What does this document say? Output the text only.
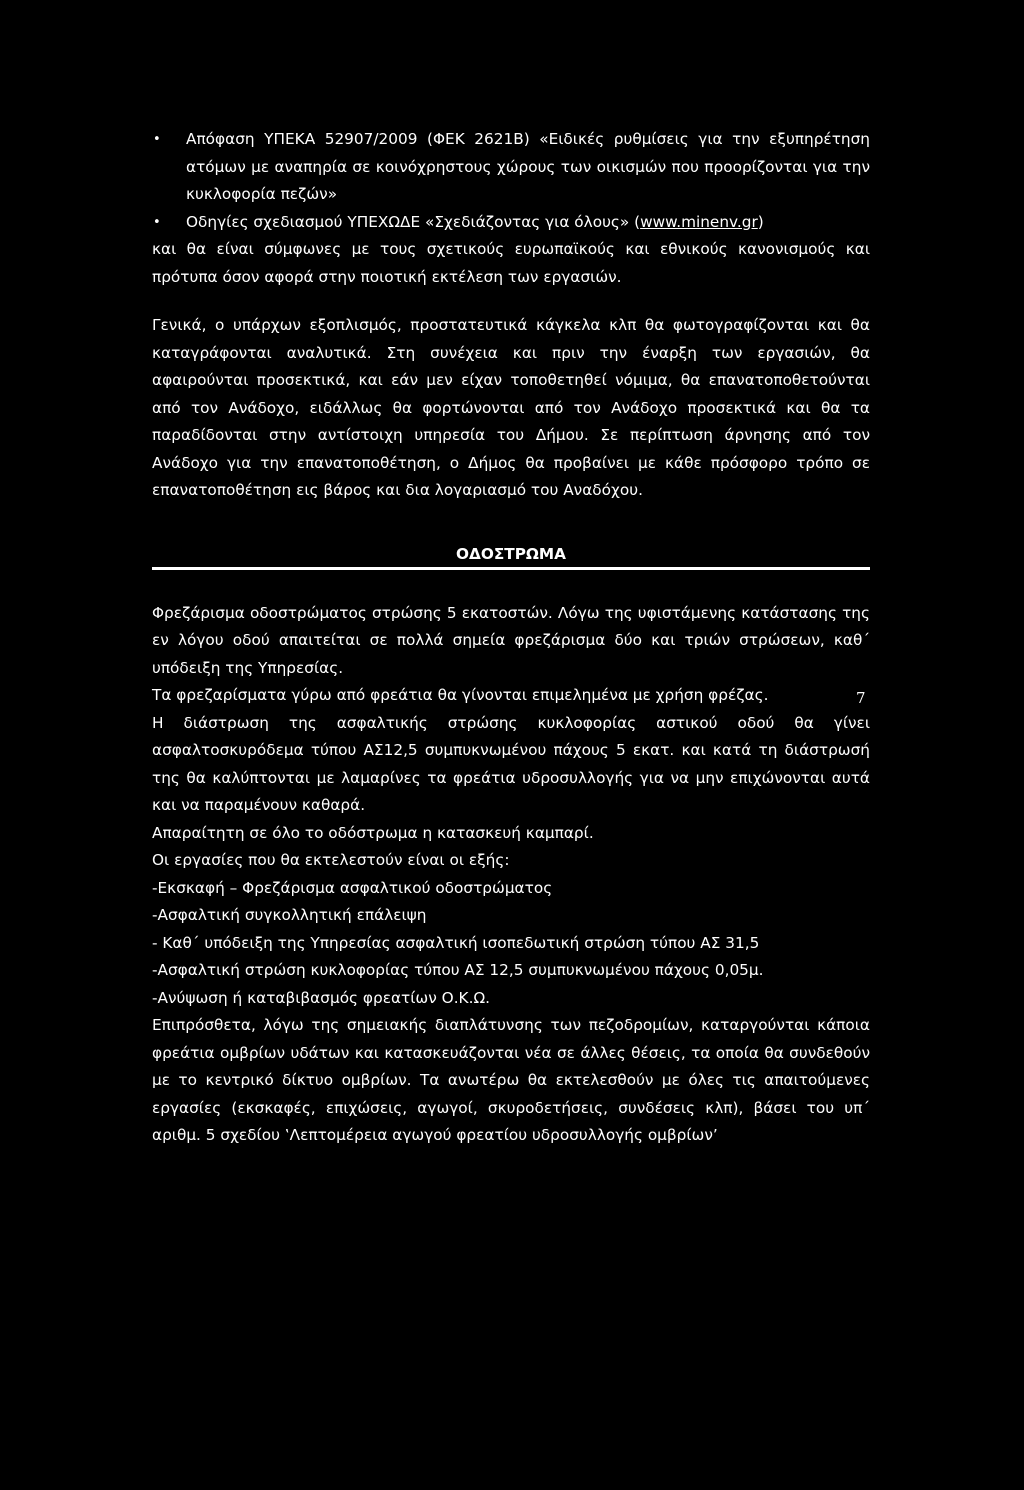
• Απόφαση ΥΠΕΚΑ 52907/2009 (ΦΕΚ 2621Β) «Ειδικές ρυθμίσεις για την εξυπηρέτηση ατόμων με αναπηρία σε κοινόχρηστους χώρους των οικισμών που προορίζονται για την κυκλοφορία πεζών»
• Οδηγίες σχεδιασμού ΥΠΕΧΩΔΕ «Σχεδιάζοντας για όλους» (www.minenv.gr)

και θα είναι σύμφωνες με τους σχετικούς ευρωπαϊκούς και εθνικούς κανονισμούς και πρότυπα όσον αφορά στην ποιοτική εκτέλεση των εργασιών.

Γενικά, ο υπάρχων εξοπλισμός, προστατευτικά κάγκελα κλπ θα φωτογραφίζονται και θα καταγράφονται αναλυτικά. Στη συνέχεια και πριν την έναρξη των εργασιών, θα αφαιρούνται προσεκτικά, και εάν μεν είχαν τοποθετηθεί νόμιμα, θα επανατοποθετούνται από τον Ανάδοχο, ειδάλλως θα φορτώνονται από τον Ανάδοχο προσεκτικά και θα τα παραδίδονται στην αντίστοιχη υπηρεσία του Δήμου. Σε περίπτωση άρνησης από τον Ανάδοχο για την επανατοποθέτηση, ο Δήμος θα προβαίνει με κάθε πρόσφορο τρόπο σε επανατοποθέτηση εις βάρος και δια λογαριασμό του Αναδόχου.

ΟΔΟΣΤΡΩΜΑ

Φρεζάρισμα οδοστρώματος στρώσης 5 εκατοστών. Λόγω της υφιστάμενης κατάστασης της εν λόγου οδού απαιτείται σε πολλά σημεία φρεζάρισμα δύο και τριών στρώσεων, καθ΄ υπόδειξη της Υπηρεσίας.

Τα φρεζαρίσματα γύρω από φρεάτια θα γίνονται επιμελημένα με χρήση φρέζας.

Η διάστρωση της ασφαλτικής στρώσης κυκλοφορίας αστικού οδού θα γίνει ασφαλτοσκυρόδεμα τύπου ΑΣ12,5 συμπυκνωμένου πάχους 5 εκατ. και κατά τη διάστρωσή της θα καλύπτονται με λαμαρίνες τα φρεάτια υδροσυλλογής για να μην επιχώνονται αυτά και να παραμένουν καθαρά.

Απαραίτητη σε όλο το οδόστρωμα η κατασκευή καμπαρί.

Οι εργασίες που θα εκτελεστούν είναι οι εξής:

-Εκσκαφή – Φρεζάρισμα ασφαλτικού οδοστρώματος

-Ασφαλτική συγκολλητική επάλειψη

- Καθ΄ υπόδειξη της Υπηρεσίας ασφαλτική ισοπεδωτική στρώση τύπου ΑΣ 31,5

-Ασφαλτική στρώση κυκλοφορίας τύπου ΑΣ 12,5 συμπυκνωμένου πάχους 0,05μ.

-Ανύψωση ή καταβιβασμός φρεατίων Ο.Κ.Ω.

Επιπρόσθετα, λόγω της σημειακής διαπλάτυνσης των πεζοδρομίων, καταργούνται κάποια φρεάτια ομβρίων υδάτων και κατασκευάζονται νέα σε άλλες θέσεις, τα οποία θα συνδεθούν με το κεντρικό δίκτυο ομβρίων. Τα ανωτέρω θα εκτελεσθούν με όλες τις απαιτούμενες εργασίες (εκσκαφές, επιχώσεις, αγωγοί, σκυροδετήσεις, συνδέσεις κλπ), βάσει του υπ΄ αριθμ. 5 σχεδίου ‛Λεπτομέρεια αγωγού φρεατίου υδροσυλλογής ομβρίων’

7
